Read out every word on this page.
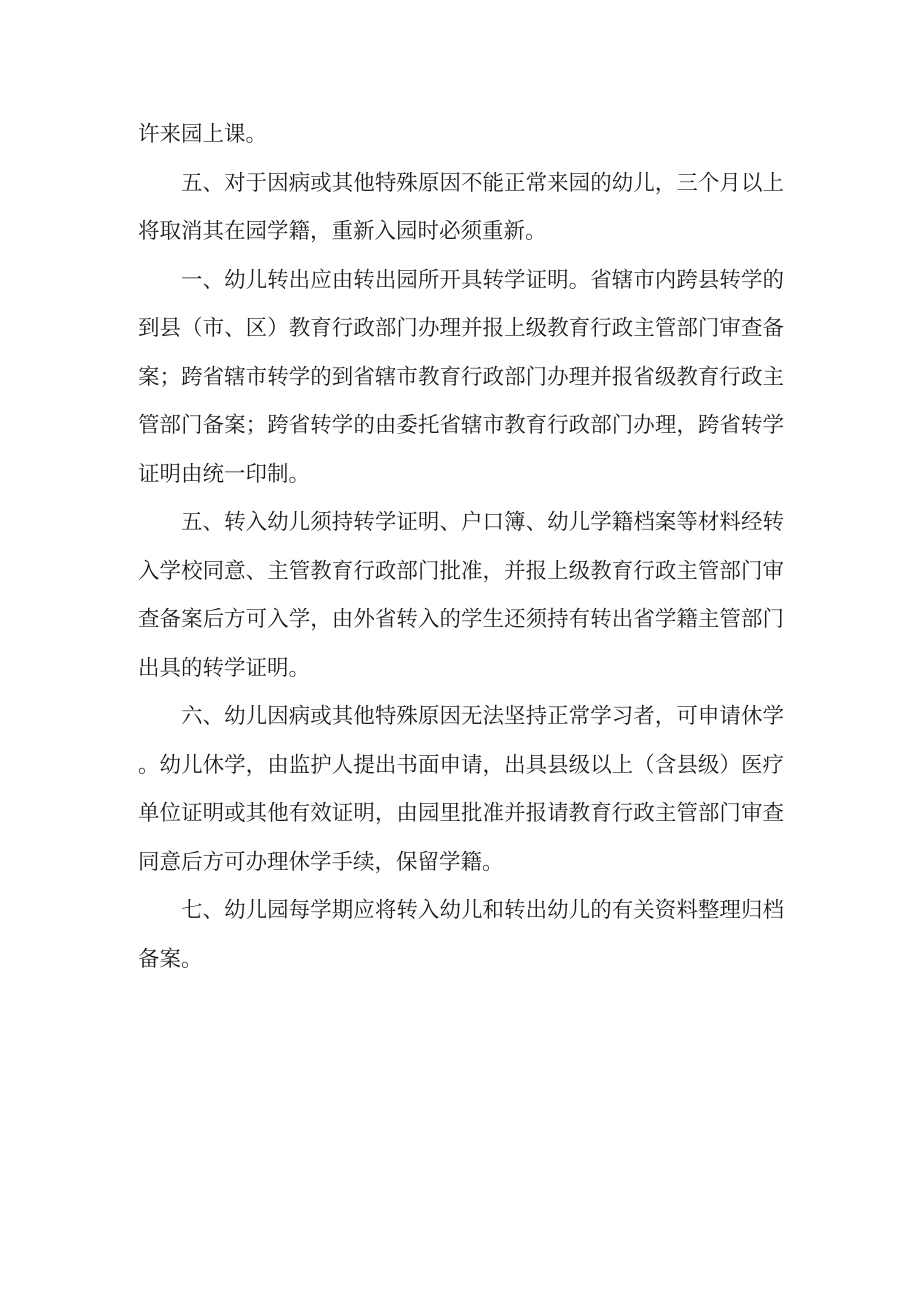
许来园上课。

五、对于因病或其他特殊原因不能正常来园的幼儿，三个月以上将取消其在园学籍，重新入园时必须重新。

一、幼儿转出应由转出园所开具转学证明。省辖市内跨县转学的到县（市、区）教育行政部门办理并报上级教育行政主管部门审查备案；跨省辖市转学的到省辖市教育行政部门办理并报省级教育行政主管部门备案；跨省转学的由委托省辖市教育行政部门办理，跨省转学证明由统一印制。

五、转入幼儿须持转学证明、户口簿、幼儿学籍档案等材料经转入学校同意、主管教育行政部门批准，并报上级教育行政主管部门审查备案后方可入学，由外省转入的学生还须持有转出省学籍主管部门出具的转学证明。

六、幼儿因病或其他特殊原因无法坚持正常学习者，可申请休学。幼儿休学，由监护人提出书面申请，出具县级以上（含县级）医疗单位证明或其他有效证明，由园里批准并报请教育行政主管部门审查同意后方可办理休学手续，保留学籍。

七、幼儿园每学期应将转入幼儿和转出幼儿的有关资料整理归档备案。
